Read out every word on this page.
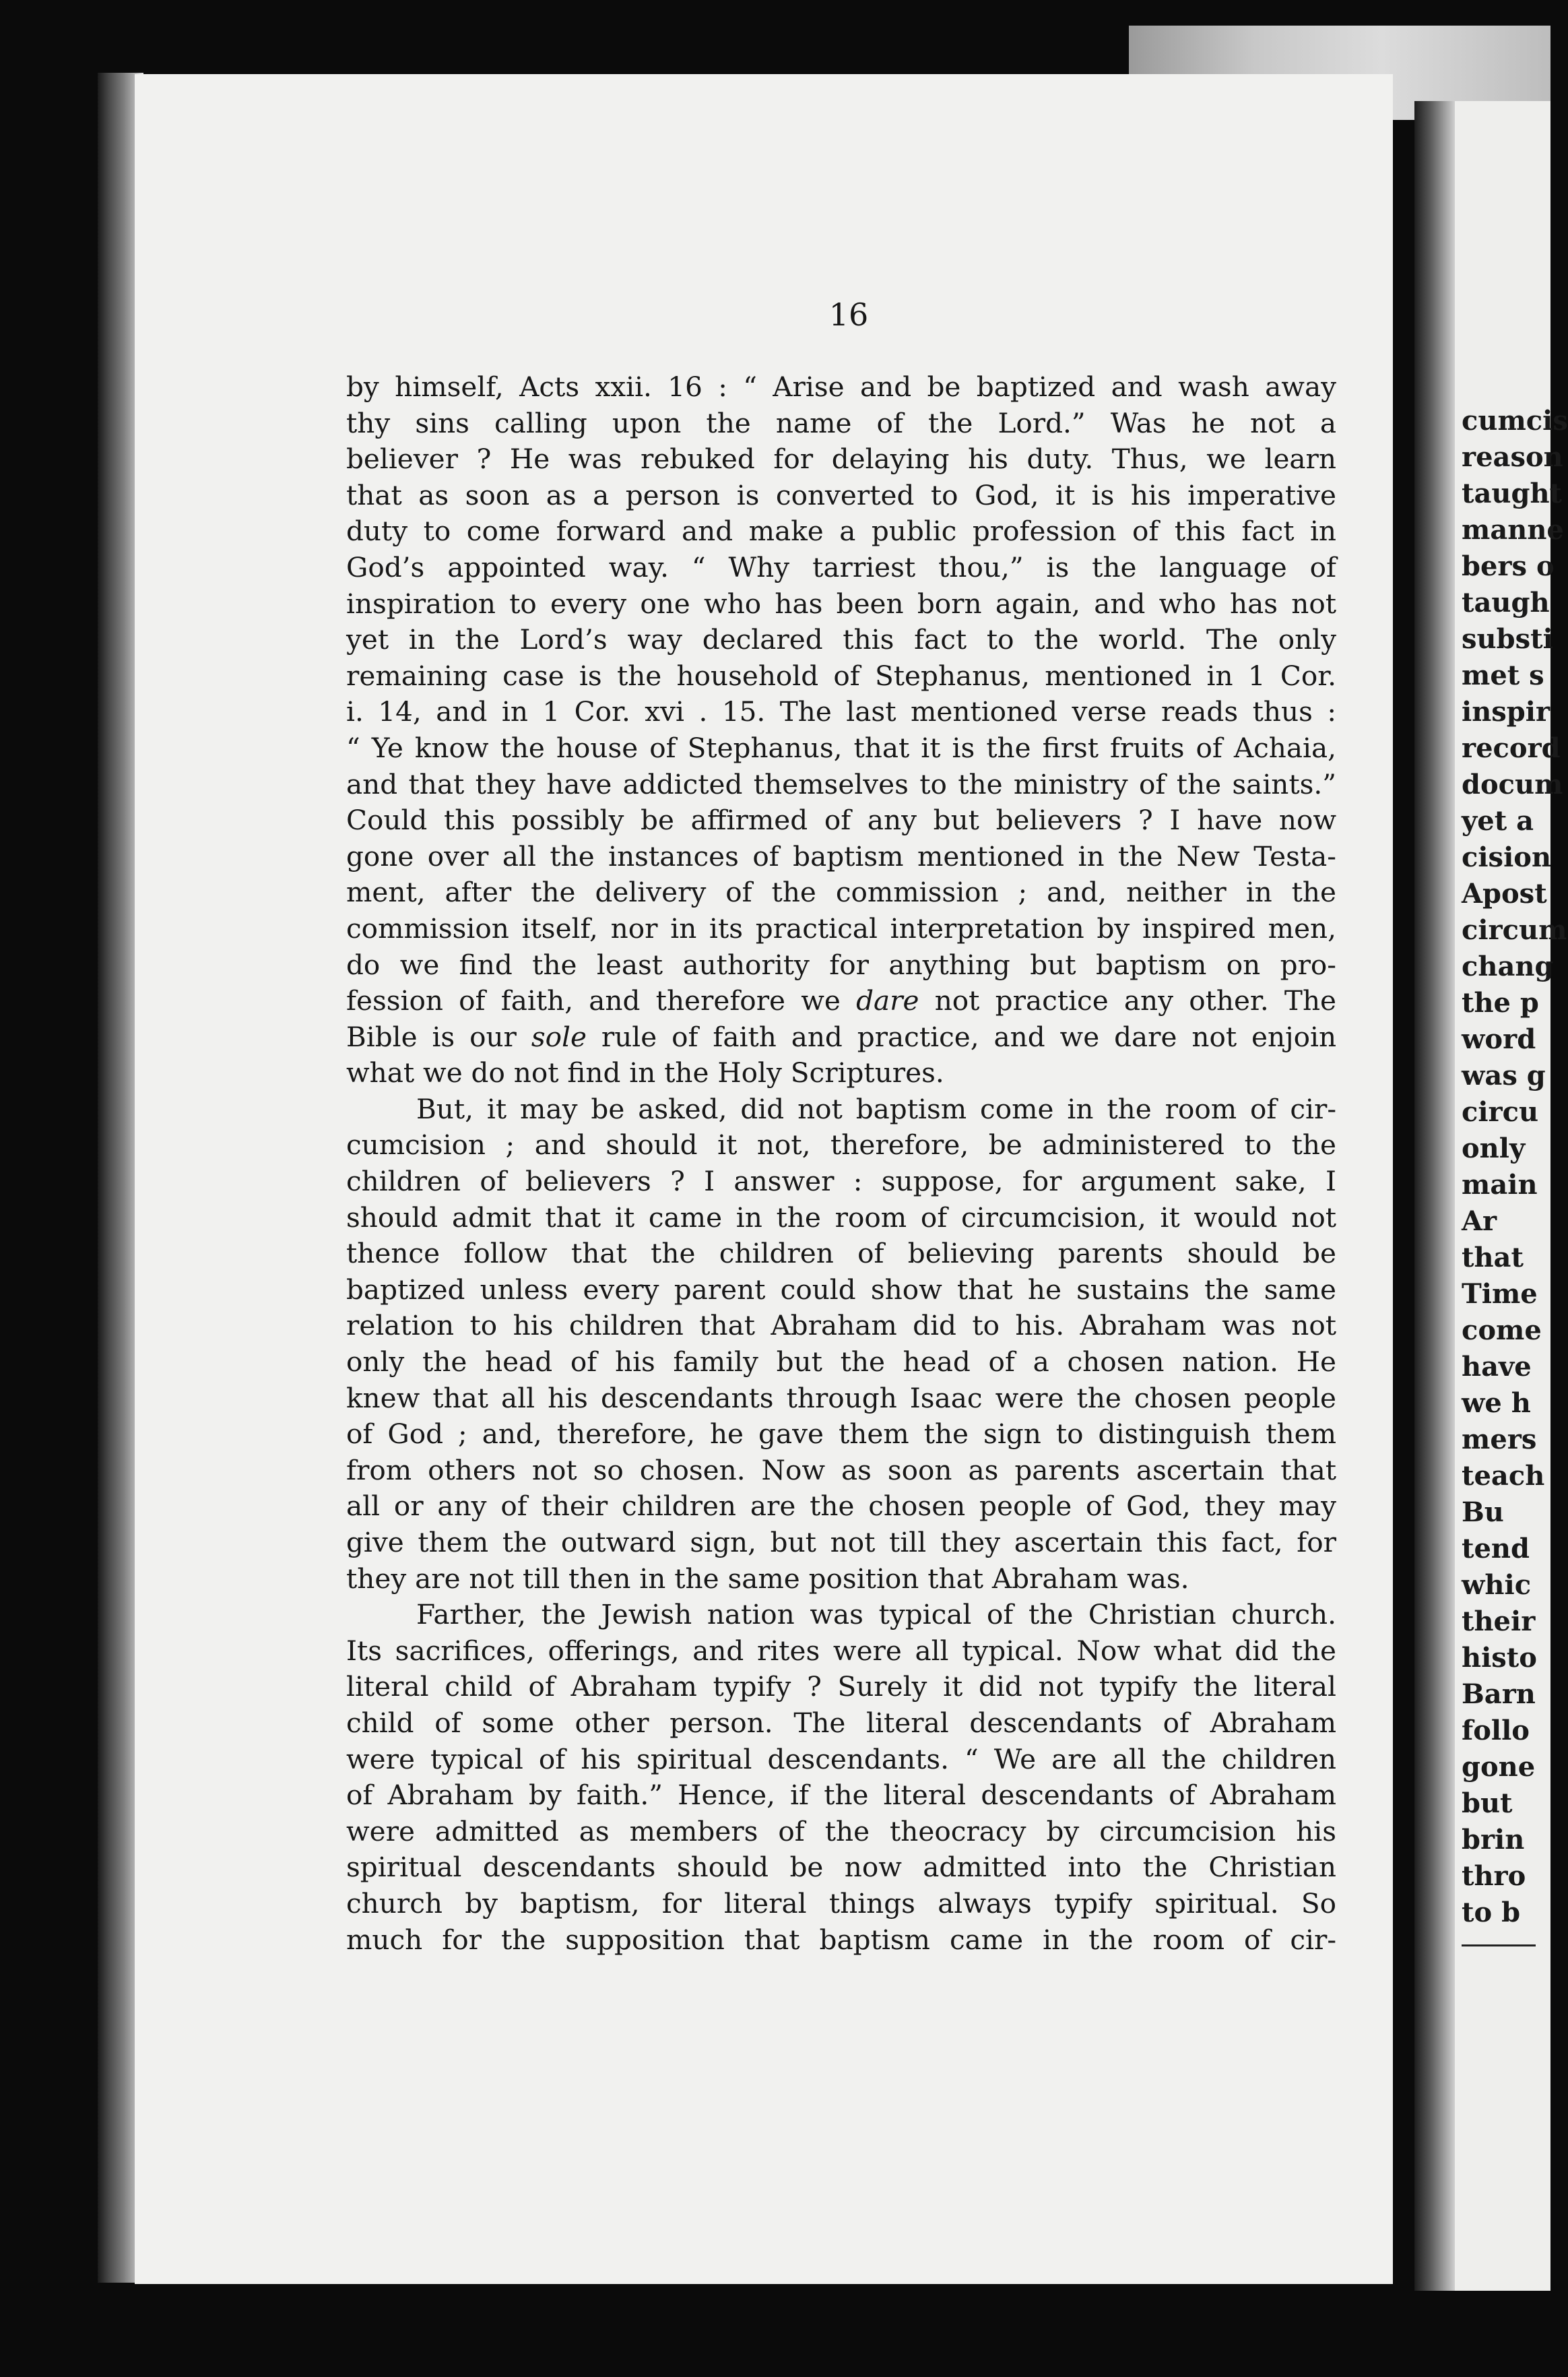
16

by himself, Acts xxii. 16 : “ Arise and be baptized and wash away
thy sins calling upon the name of the Lord.” Was he not a
believer ? He was rebuked for delaying his duty. Thus, we learn
that as soon as a person is converted to God, it is his imperative
duty to come forward and make a public profession of this fact in
God’s appointed way. “ Why tarriest thou,” is the language of
inspiration to every one who has been born again, and who has not
yet in the Lord’s way declared this fact to the world. The only
remaining case is the household of Stephanus, mentioned in 1 Cor.
i. 14, and in 1 Cor. xvi . 15. The last mentioned verse reads thus :
“ Ye know the house of Stephanus, that it is the first fruits of Achaia,
and that they have addicted themselves to the ministry of the saints.”
Could this possibly be affirmed of any but believers ? I have now
gone over all the instances of baptism mentioned in the New Testa-
ment, after the delivery of the commission ; and, neither in the
commission itself, nor in its practical interpretation by inspired men,
do we find the least authority for anything but baptism on pro-
fession of faith, and therefore we dare not practice any other. The
Bible is our sole rule of faith and practice, and we dare not enjoin
what we do not find in the Holy Scriptures.

But, it may be asked, did not baptism come in the room of cir-
cumcision ; and should it not, therefore, be administered to the
children of believers ? I answer : suppose, for argument sake, I
should admit that it came in the room of circumcision, it would not
thence follow that the children of believing parents should be
baptized unless every parent could show that he sustains the same
relation to his children that Abraham did to his. Abraham was not
only the head of his family but the head of a chosen nation. He
knew that all his descendants through Isaac were the chosen people
of God ; and, therefore, he gave them the sign to distinguish them
from others not so chosen. Now as soon as parents ascertain that
all or any of their children are the chosen people of God, they may
give them the outward sign, but not till they ascertain this fact, for
they are not till then in the same position that Abraham was.

Farther, the Jewish nation was typical of the Christian church.
Its sacrifices, offerings, and rites were all typical. Now what did the
literal child of Abraham typify ? Surely it did not typify the literal
child of some other person. The literal descendants of Abraham
were typical of his spiritual descendants. “ We are all the children
of Abraham by faith.” Hence, if the literal descendants of Abraham
were admitted as members of the theocracy by circumcision his
spiritual descendants should be now admitted into the Christian
church by baptism, for literal things always typify spiritual. So
much for the supposition that baptism came in the room of cir-

cumcis
reason
taught
manne
bers o
taugh
substi
met s
inspir
record
docum
yet a
cision
Apost
circum
chang
the p
word
was g
circu
only
main
Ar
that
Time
come
have
we h
mers
teach
Bu
tend
whic
their
histo
Barn
follo
gone
but
brin
thro
to b
